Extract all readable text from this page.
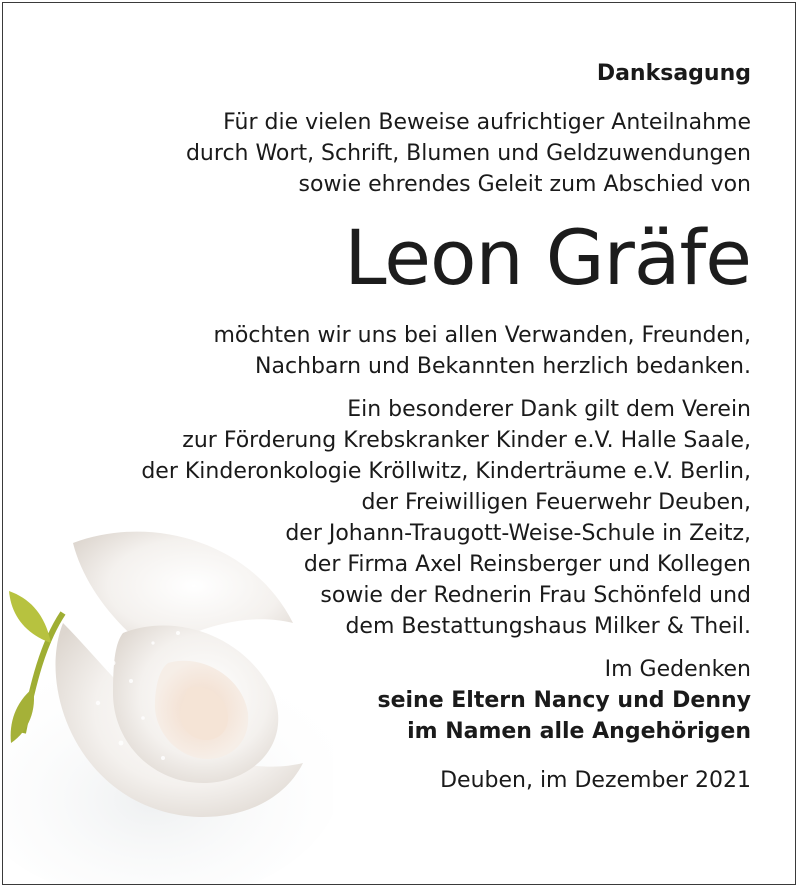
Danksagung
Für die vielen Beweise aufrichtiger Anteilnahme
durch Wort, Schrift, Blumen und Geldzuwendungen
sowie ehrendes Geleit zum Abschied von
Leon Gräfe
möchten wir uns bei allen Verwanden, Freunden,
Nachbarn und Bekannten herzlich bedanken.
Ein besonderer Dank gilt dem Verein
zur Förderung Krebskranker Kinder e.V. Halle Saale,
der Kinderonkologie Kröllwitz, Kinderträume e.V. Berlin,
der Freiwilligen Feuerwehr Deuben,
der Johann-Traugott-Weise-Schule in Zeitz,
der Firma Axel Reinsberger und Kollegen
sowie der Rednerin Frau Schönfeld und
dem Bestattungshaus Milker & Theil.
Im Gedenken
seine Eltern Nancy und Denny
im Namen alle Angehörigen
Deuben, im Dezember 2021
